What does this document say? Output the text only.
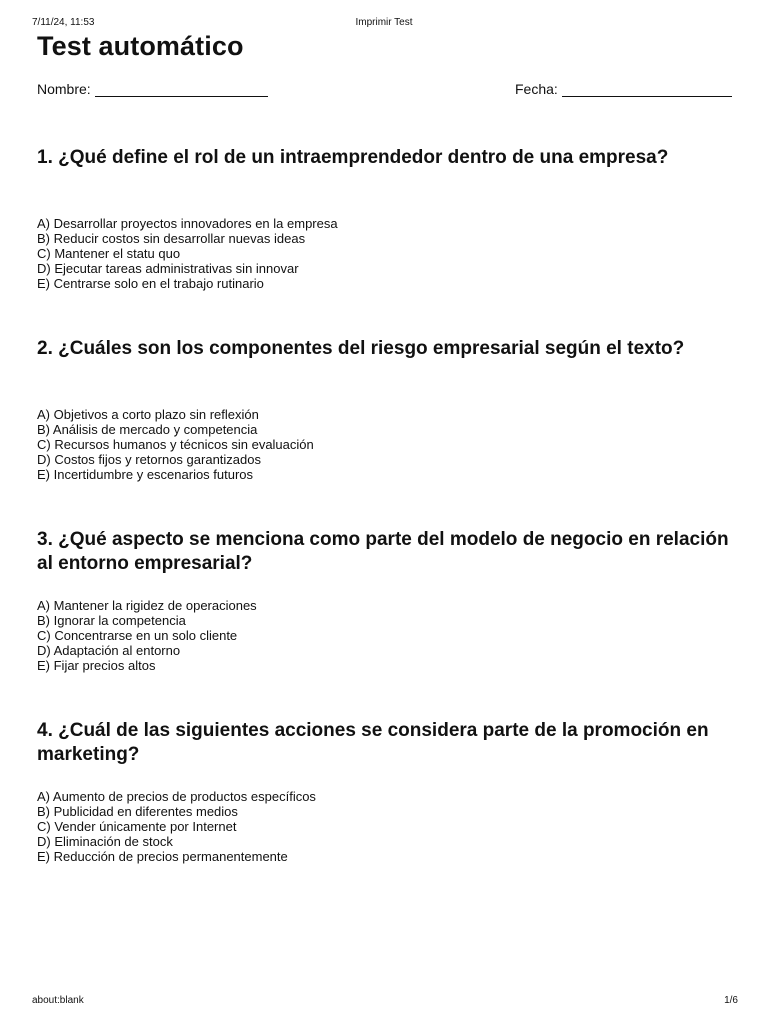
7/11/24, 11:53	Imprimir Test
Test automático
Nombre:	Fecha:
1. ¿Qué define el rol de un intraemprendedor dentro de una empresa?
A) Desarrollar proyectos innovadores en la empresa
B) Reducir costos sin desarrollar nuevas ideas
C) Mantener el statu quo
D) Ejecutar tareas administrativas sin innovar
E) Centrarse solo en el trabajo rutinario
2. ¿Cuáles son los componentes del riesgo empresarial según el texto?
A) Objetivos a corto plazo sin reflexión
B) Análisis de mercado y competencia
C) Recursos humanos y técnicos sin evaluación
D) Costos fijos y retornos garantizados
E) Incertidumbre y escenarios futuros
3. ¿Qué aspecto se menciona como parte del modelo de negocio en relación al entorno empresarial?
A) Mantener la rigidez de operaciones
B) Ignorar la competencia
C) Concentrarse en un solo cliente
D) Adaptación al entorno
E) Fijar precios altos
4. ¿Cuál de las siguientes acciones se considera parte de la promoción en marketing?
A) Aumento de precios de productos específicos
B) Publicidad en diferentes medios
C) Vender únicamente por Internet
D) Eliminación de stock
E) Reducción de precios permanentemente
about:blank	1/6
